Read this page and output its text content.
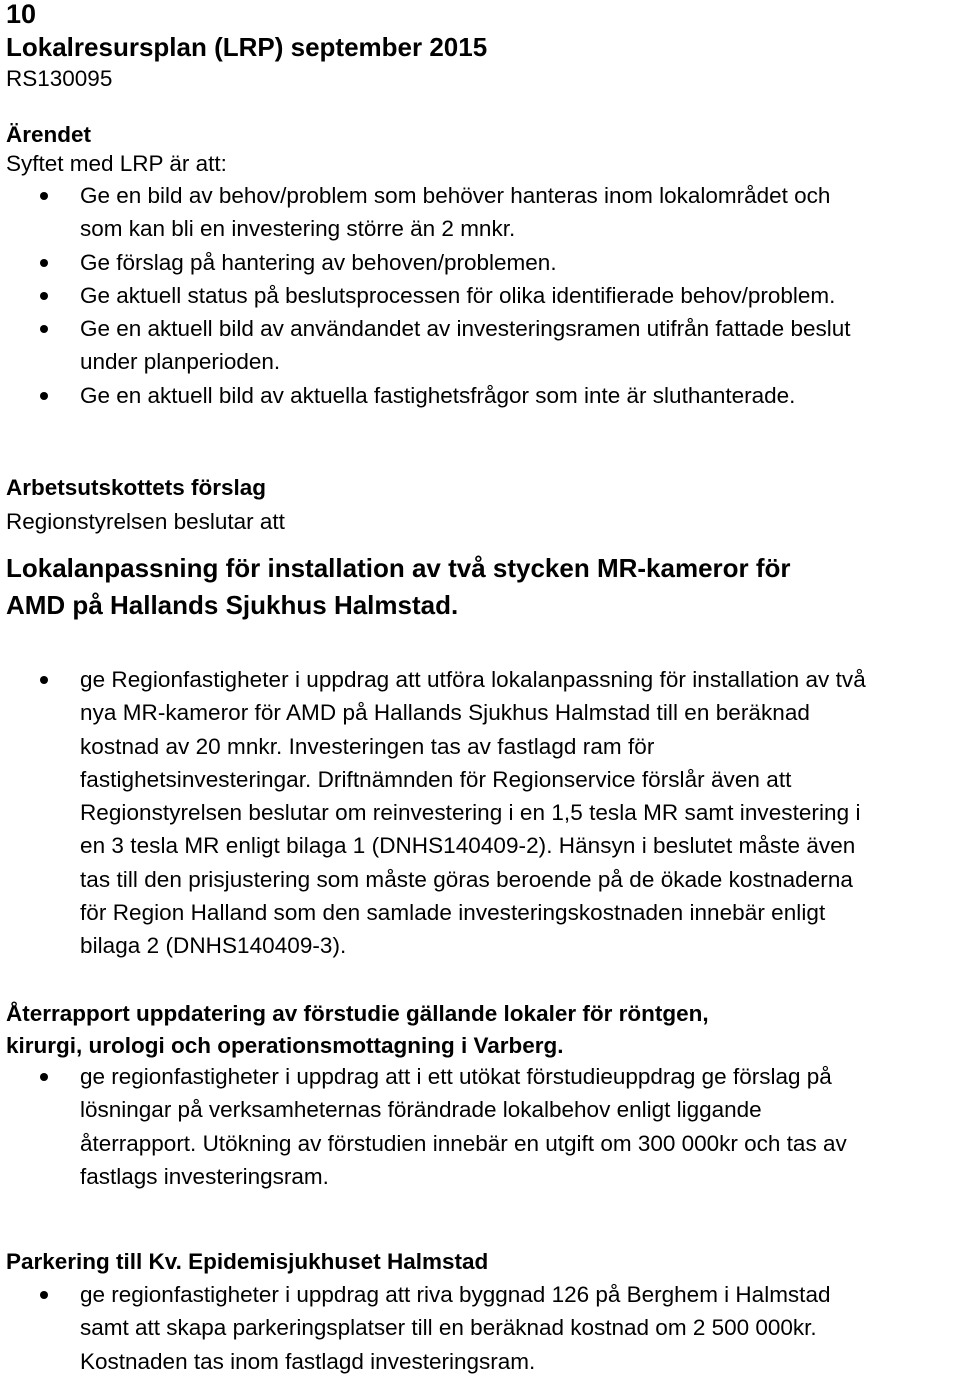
10
Lokalresursplan (LRP) september 2015
RS130095
Ärendet
Syftet med LRP är att:
Ge en bild av behov/problem som behöver hanteras inom lokalområdet och
som kan bli en investering större än 2 mnkr.
Ge förslag på hantering av behoven/problemen.
Ge aktuell status på beslutsprocessen för olika identifierade behov/problem.
Ge en aktuell bild av användandet av investeringsramen utifrån fattade beslut
under planperioden.
Ge en aktuell bild av aktuella fastighetsfrågor som inte är sluthanterade.
Arbetsutskottets förslag
Regionstyrelsen beslutar att
Lokalanpassning för installation av två stycken MR-kameror för
AMD på Hallands Sjukhus Halmstad.
ge Regionfastigheter i uppdrag att utföra lokalanpassning för installation av två
nya MR-kameror för AMD på Hallands Sjukhus Halmstad till en beräknad
kostnad av 20 mnkr. Investeringen tas av fastlagd ram för
fastighetsinvesteringar. Driftnämnden för Regionservice förslår även att
Regionstyrelsen beslutar om reinvestering i en 1,5 tesla MR samt investering i
en 3 tesla MR enligt bilaga 1 (DNHS140409-2). Hänsyn i beslutet måste även
tas till den prisjustering som måste göras beroende på de ökade kostnaderna
för Region Halland som den samlade investeringskostnaden innebär enligt
bilaga 2 (DNHS140409-3).
Återrapport uppdatering av förstudie gällande lokaler för röntgen,
kirurgi, urologi och operationsmottagning i Varberg.
ge regionfastigheter i uppdrag att i ett utökat förstudieuppdrag ge förslag på
lösningar på verksamheternas förändrade lokalbehov enligt liggande
återrapport. Utökning av förstudien innebär en utgift om 300 000kr och tas av
fastlags investeringsram.
Parkering till Kv. Epidemisjukhuset Halmstad
ge regionfastigheter i uppdrag att riva byggnad 126 på Berghem i Halmstad
samt att skapa parkeringsplatser till en beräknad kostnad om 2 500 000kr.
Kostnaden tas inom fastlagd investeringsram.
